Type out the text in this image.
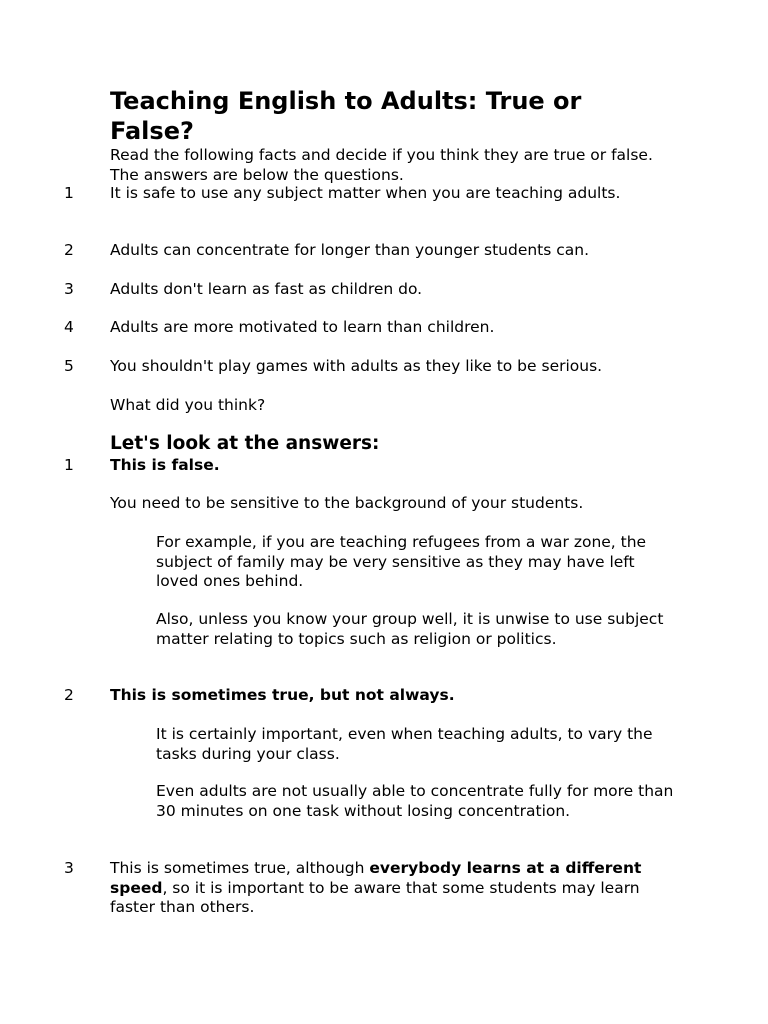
Teaching English to Adults: True or False?

Read the following facts and decide if you think they are true or false. The answers are below the questions.

1 It is safe to use any subject matter when you are teaching adults.

2 Adults can concentrate for longer than younger students can.

3 Adults don't learn as fast as children do.

4 Adults are more motivated to learn than children.

5 You shouldn't play games with adults as they like to be serious.

What did you think?

Let's look at the answers:
1 This is false.

You need to be sensitive to the background of your students.

For example, if you are teaching refugees from a war zone, the subject of family may be very sensitive as they may have left loved ones behind.

Also, unless you know your group well, it is unwise to use subject matter relating to topics such as religion or politics.

2 This is sometimes true, but not always.

It is certainly important, even when teaching adults, to vary the tasks during your class.

Even adults are not usually able to concentrate fully for more than 30 minutes on one task without losing concentration.

3 This is sometimes true, although everybody learns at a different speed, so it is important to be aware that some students may learn faster than others.
